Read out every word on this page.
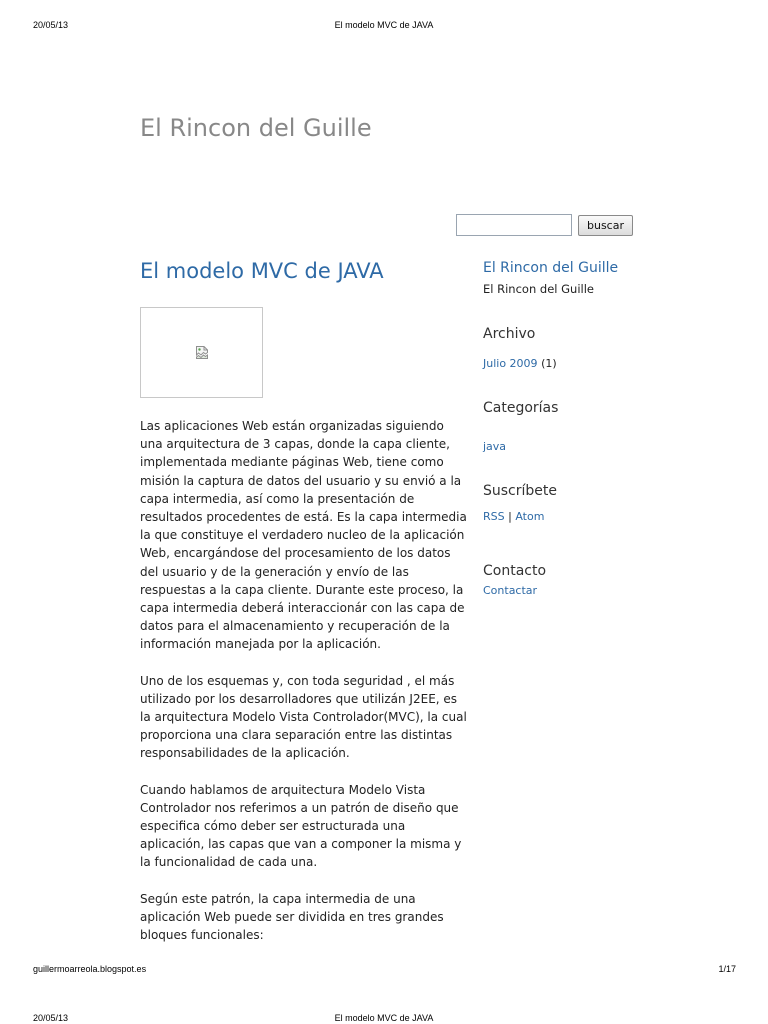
20/05/13	El modelo MVC de JAVA
El Rincon del Guille
buscar
El modelo MVC de JAVA

Las aplicaciones Web están organizadas siguiendo una arquitectura de 3 capas, donde la capa cliente, implementada mediante páginas Web, tiene como misión la captura de datos del usuario y su envió a la capa intermedia, así como la presentación de resultados procedentes de está. Es la capa intermedia la que constituye el verdadero nucleo de la aplicación Web, encargándose del procesamiento de los datos del usuario y de la generación y envío de las respuestas a la capa cliente. Durante este proceso, la capa intermedia deberá interaccionár con las capa de datos para el almacenamiento y recuperación de la información manejada por la aplicación.

Uno de los esquemas y, con toda seguridad , el más utilizado por los desarrolladores que utilizán J2EE, es la arquitectura Modelo Vista Controlador(MVC), la cual proporciona una clara separación entre las distintas responsabilidades de la aplicación.

Cuando hablamos de arquitectura Modelo Vista Controlador nos referimos a un patrón de diseño que especifica cómo deber ser estructurada una aplicación, las capas que van a componer la misma y la funcionalidad de cada una.

Según este patrón, la capa intermedia de una aplicación Web puede ser dividida en tres grandes bloques funcionales:

El Rincon del Guille
El Rincon del Guille
Archivo
Julio 2009 (1)
Categorías
java
Suscríbete
RSS | Atom
Contacto
Contactar
guillermoarreola.blogspot.es	1/17
20/05/13	El modelo MVC de JAVA
